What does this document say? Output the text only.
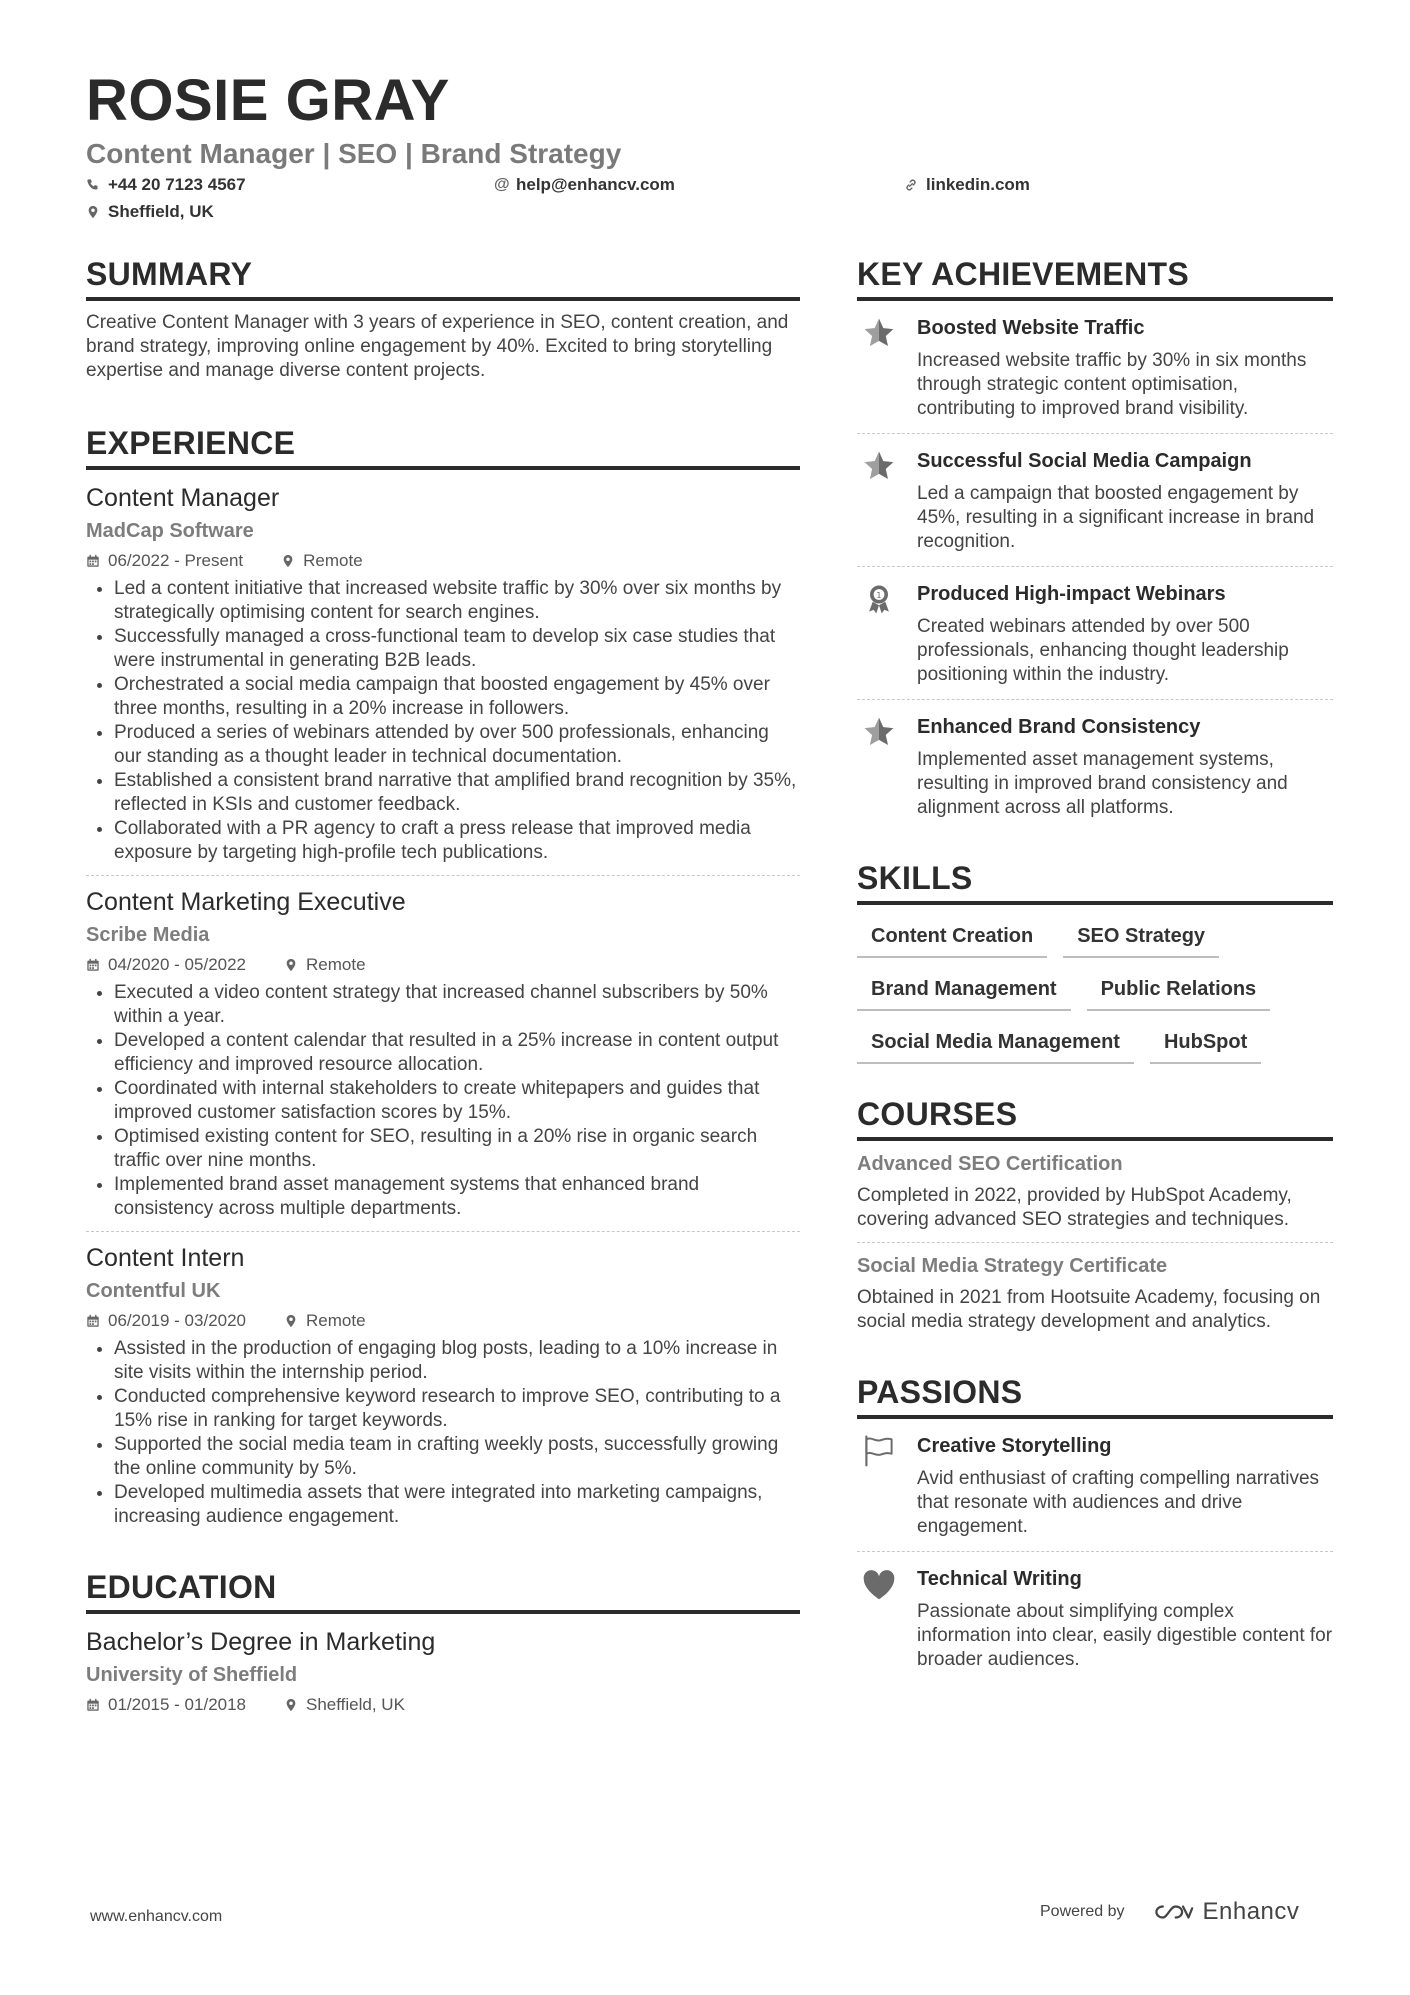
ROSIE GRAY
Content Manager | SEO | Brand Strategy
+44 20 7123 4567	@ help@enhancv.com	linkedin.com
Sheffield, UK
SUMMARY
Creative Content Manager with 3 years of experience in SEO, content creation, and brand strategy, improving online engagement by 40%. Excited to bring storytelling expertise and manage diverse content projects.
EXPERIENCE
Content Manager
MadCap Software
06/2022 - Present	Remote
• Led a content initiative that increased website traffic by 30% over six months by strategically optimising content for search engines.
• Successfully managed a cross-functional team to develop six case studies that were instrumental in generating B2B leads.
• Orchestrated a social media campaign that boosted engagement by 45% over three months, resulting in a 20% increase in followers.
• Produced a series of webinars attended by over 500 professionals, enhancing our standing as a thought leader in technical documentation.
• Established a consistent brand narrative that amplified brand recognition by 35%, reflected in KSIs and customer feedback.
• Collaborated with a PR agency to craft a press release that improved media exposure by targeting high-profile tech publications.
Content Marketing Executive
Scribe Media
04/2020 - 05/2022	Remote
• Executed a video content strategy that increased channel subscribers by 50% within a year.
• Developed a content calendar that resulted in a 25% increase in content output efficiency and improved resource allocation.
• Coordinated with internal stakeholders to create whitepapers and guides that improved customer satisfaction scores by 15%.
• Optimised existing content for SEO, resulting in a 20% rise in organic search traffic over nine months.
• Implemented brand asset management systems that enhanced brand consistency across multiple departments.
Content Intern
Contentful UK
06/2019 - 03/2020	Remote
• Assisted in the production of engaging blog posts, leading to a 10% increase in site visits within the internship period.
• Conducted comprehensive keyword research to improve SEO, contributing to a 15% rise in ranking for target keywords.
• Supported the social media team in crafting weekly posts, successfully growing the online community by 5%.
• Developed multimedia assets that were integrated into marketing campaigns, increasing audience engagement.
EDUCATION
Bachelor’s Degree in Marketing
University of Sheffield
01/2015 - 01/2018	Sheffield, UK
KEY ACHIEVEMENTS
Boosted Website Traffic
Increased website traffic by 30% in six months through strategic content optimisation, contributing to improved brand visibility.
Successful Social Media Campaign
Led a campaign that boosted engagement by 45%, resulting in a significant increase in brand recognition.
1 Produced High-impact Webinars
Created webinars attended by over 500 professionals, enhancing thought leadership positioning within the industry.
Enhanced Brand Consistency
Implemented asset management systems, resulting in improved brand consistency and alignment across all platforms.
SKILLS
Content Creation	SEO Strategy
Brand Management	Public Relations
Social Media Management	HubSpot
COURSES
Advanced SEO Certification
Completed in 2022, provided by HubSpot Academy, covering advanced SEO strategies and techniques.
Social Media Strategy Certificate
Obtained in 2021 from Hootsuite Academy, focusing on social media strategy development and analytics.
PASSIONS
Creative Storytelling
Avid enthusiast of crafting compelling narratives that resonate with audiences and drive engagement.
Technical Writing
Passionate about simplifying complex information into clear, easily digestible content for broader audiences.
www.enhancv.com	Powered by	Enhancv
